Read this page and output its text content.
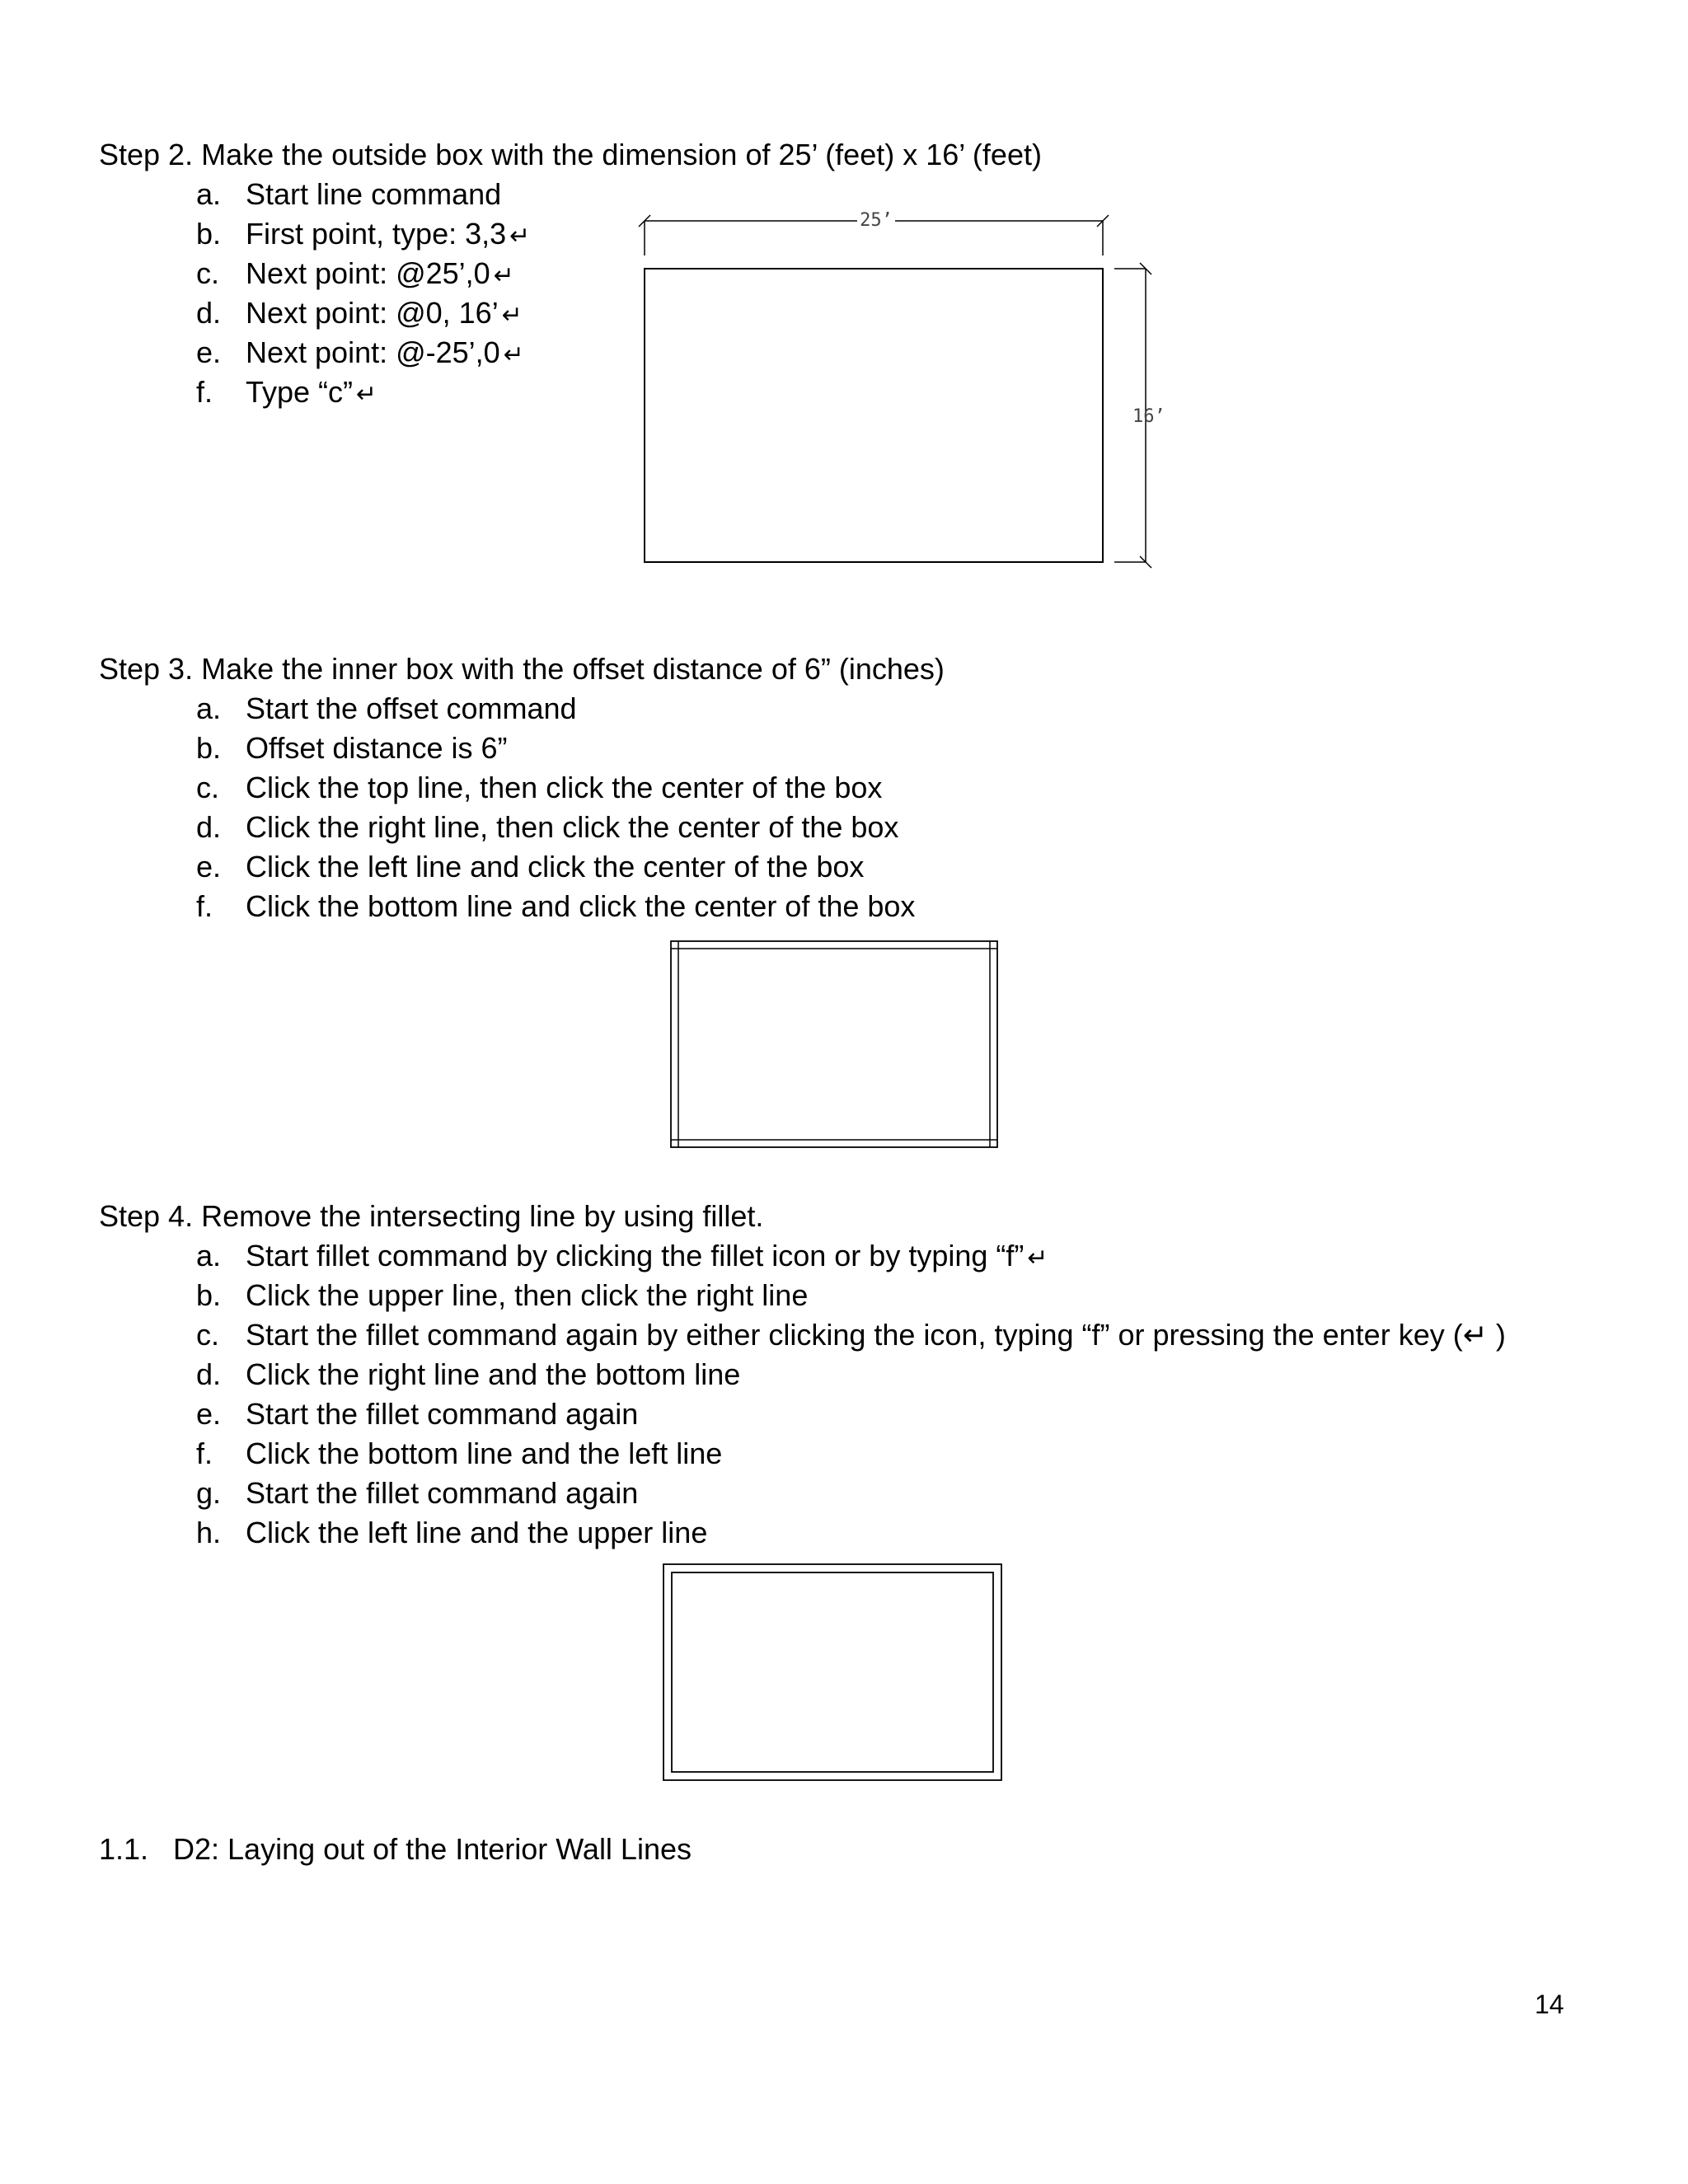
Step 2. Make the outside box with the dimension of 25’ (feet) x 16’ (feet)
a. Start line command
b. First point, type: 3,3 ↵
c. Next point: @25’,0 ↵
d. Next point: @0, 16’ ↵
e. Next point: @-25’,0 ↵
f. Type “c” ↵
25’
16’
Step 3. Make the inner box with the offset distance of 6” (inches)
a. Start the offset command
b. Offset distance is 6”
c. Click the top line, then click the center of the box
d. Click the right line, then click the center of the box
e. Click the left line and click the center of the box
f. Click the bottom line and click the center of the box
Step 4. Remove the intersecting line by using fillet.
a. Start fillet command by clicking the fillet icon or by typing “f” ↵
b. Click the upper line, then click the right line
c. Start the fillet command again by either clicking the icon, typing “f” or pressing the enter key (↵ )
d. Click the right line and the bottom line
e. Start the fillet command again
f. Click the bottom line and the left line
g. Start the fillet command again
h. Click the left line and the upper line
1.1. D2: Laying out of the Interior Wall Lines
14
